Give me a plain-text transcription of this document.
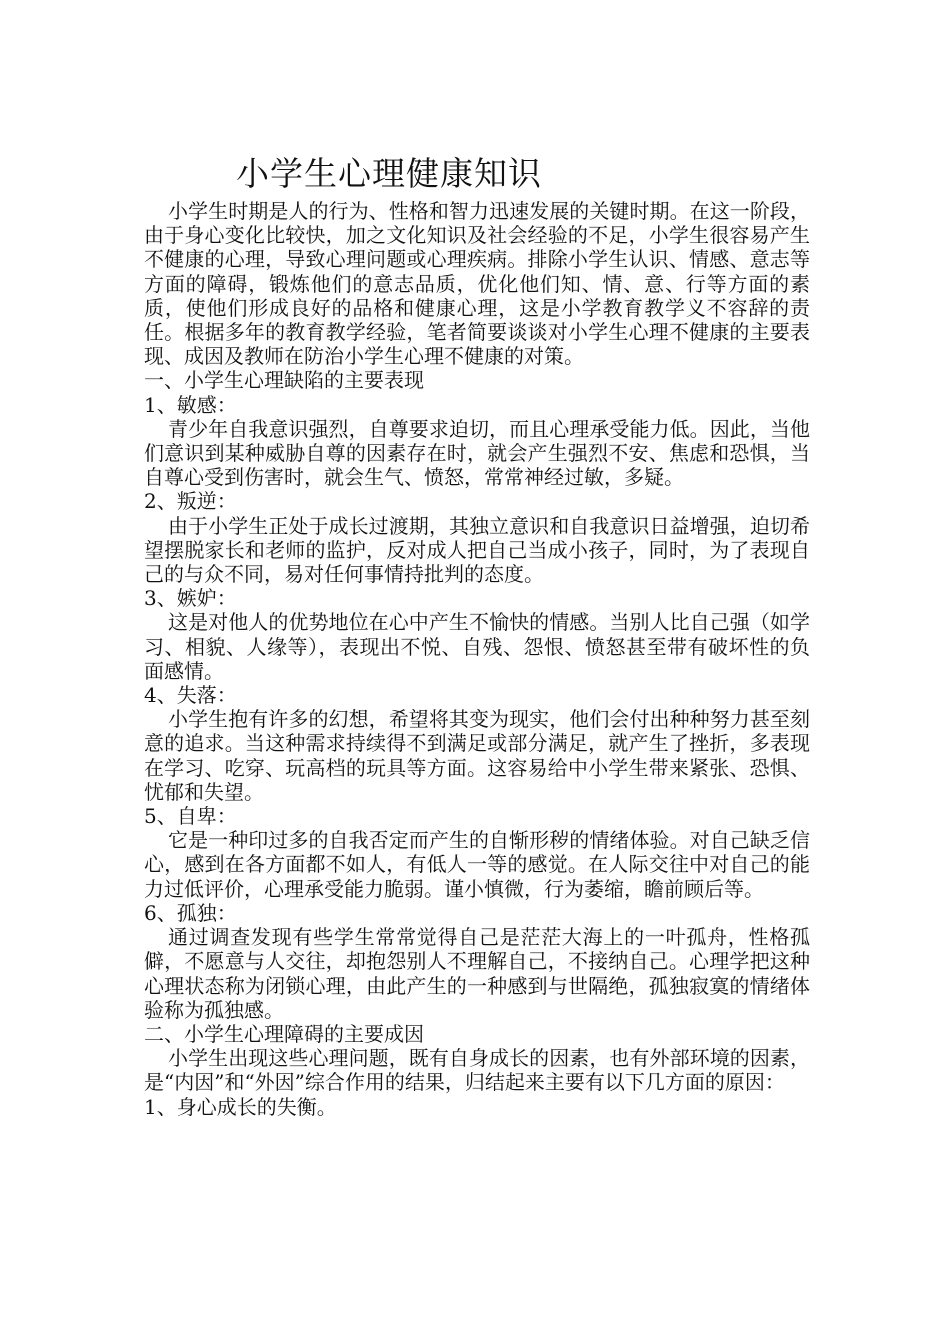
小学生心理健康知识

小学生时期是人的行为、性格和智力迅速发展的关键时期。在这一阶段，由于身心变化比较快，加之文化知识及社会经验的不足，小学生很容易产生不健康的心理，导致心理问题或心理疾病。排除小学生认识、情感、意志等方面的障碍，锻炼他们的意志品质，优化他们知、情、意、行等方面的素质，使他们形成良好的品格和健康心理，这是小学教育教学义不容辞的责任。根据多年的教育教学经验，笔者简要谈谈对小学生心理不健康的主要表现、成因及教师在防治小学生心理不健康的对策。

一、小学生心理缺陷的主要表现

1、敏感：

青少年自我意识强烈，自尊要求迫切，而且心理承受能力低。因此，当他们意识到某种威胁自尊的因素存在时，就会产生强烈不安、焦虑和恐惧，当自尊心受到伤害时，就会生气、愤怒，常常神经过敏，多疑。

2、叛逆：

由于小学生正处于成长过渡期，其独立意识和自我意识日益增强，迫切希望摆脱家长和老师的监护，反对成人把自己当成小孩子，同时，为了表现自己的与众不同，易对任何事情持批判的态度。

3、嫉妒：

这是对他人的优势地位在心中产生不愉快的情感。当别人比自己强（如学习、相貌、人缘等），表现出不悦、自残、怨恨、愤怒甚至带有破坏性的负面感情。

4、失落：

小学生抱有许多的幻想，希望将其变为现实，他们会付出种种努力甚至刻意的追求。当这种需求持续得不到满足或部分满足，就产生了挫折，多表现在学习、吃穿、玩高档的玩具等方面。这容易给中小学生带来紧张、恐惧、忧郁和失望。

5、自卑：

它是一种印过多的自我否定而产生的自惭形秽的情绪体验。对自己缺乏信心，感到在各方面都不如人，有低人一等的感觉。在人际交往中对自己的能力过低评价，心理承受能力脆弱。谨小慎微，行为萎缩，瞻前顾后等。

6、孤独：

通过调查发现有些学生常常觉得自己是茫茫大海上的一叶孤舟，性格孤僻，不愿意与人交往，却抱怨别人不理解自己，不接纳自己。心理学把这种心理状态称为闭锁心理，由此产生的一种感到与世隔绝，孤独寂寞的情绪体验称为孤独感。

二、小学生心理障碍的主要成因

小学生出现这些心理问题，既有自身成长的因素，也有外部环境的因素，是“内因”和“外因”综合作用的结果，归结起来主要有以下几方面的原因：

1、身心成长的失衡。
